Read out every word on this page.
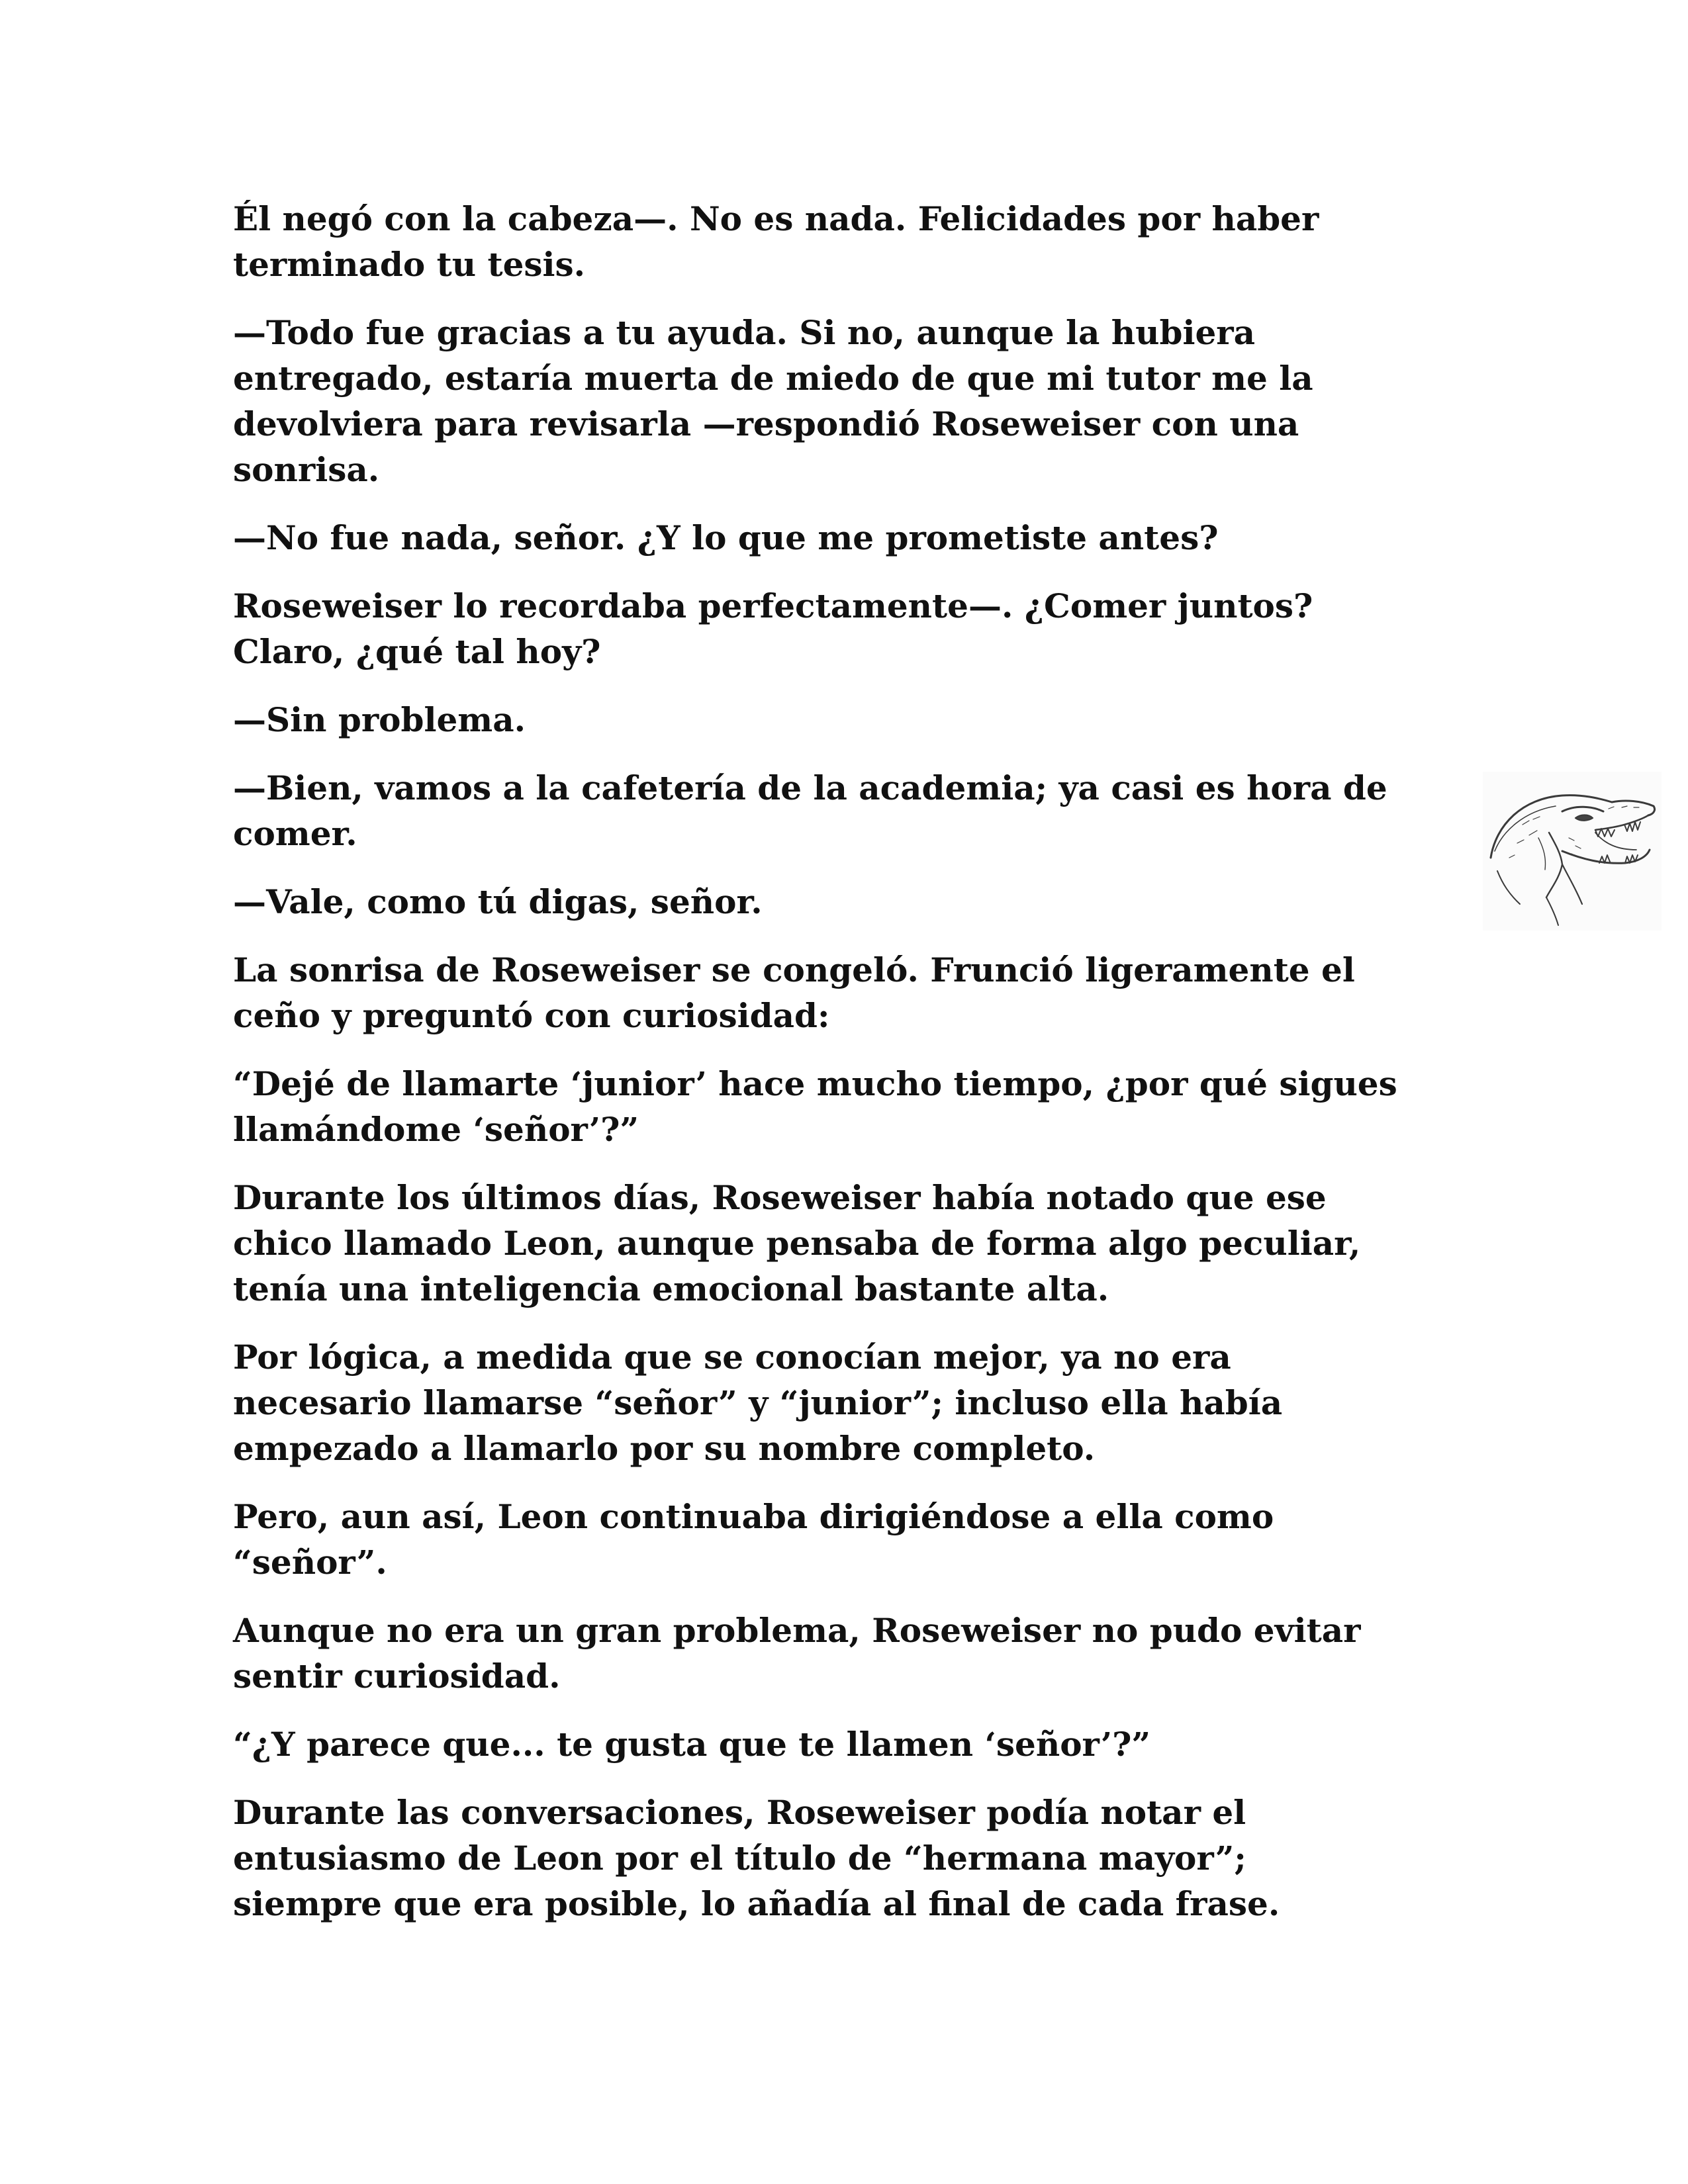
Él negó con la cabeza—. No es nada. Felicidades por haber
terminado tu tesis.

—Todo fue gracias a tu ayuda. Si no, aunque la hubiera
entregado, estaría muerta de miedo de que mi tutor me la
devolviera para revisarla —respondió Roseweiser con una
sonrisa.

—No fue nada, señor. ¿Y lo que me prometiste antes?

Roseweiser lo recordaba perfectamente—. ¿Comer juntos?
Claro, ¿qué tal hoy?

—Sin problema.

—Bien, vamos a la cafetería de la academia; ya casi es hora de
comer.

—Vale, como tú digas, señor.

La sonrisa de Roseweiser se congeló. Frunció ligeramente el
ceño y preguntó con curiosidad:

“Dejé de llamarte ‘junior’ hace mucho tiempo, ¿por qué sigues
llamándome ‘señor’?”

Durante los últimos días, Roseweiser había notado que ese
chico llamado Leon, aunque pensaba de forma algo peculiar,
tenía una inteligencia emocional bastante alta.

Por lógica, a medida que se conocían mejor, ya no era
necesario llamarse “señor” y “junior”; incluso ella había
empezado a llamarlo por su nombre completo.

Pero, aun así, Leon continuaba dirigiéndose a ella como
“señor”.

Aunque no era un gran problema, Roseweiser no pudo evitar
sentir curiosidad.

“¿Y parece que... te gusta que te llamen ‘señor’?”

Durante las conversaciones, Roseweiser podía notar el
entusiasmo de Leon por el título de “hermana mayor”;
siempre que era posible, lo añadía al final de cada frase.
